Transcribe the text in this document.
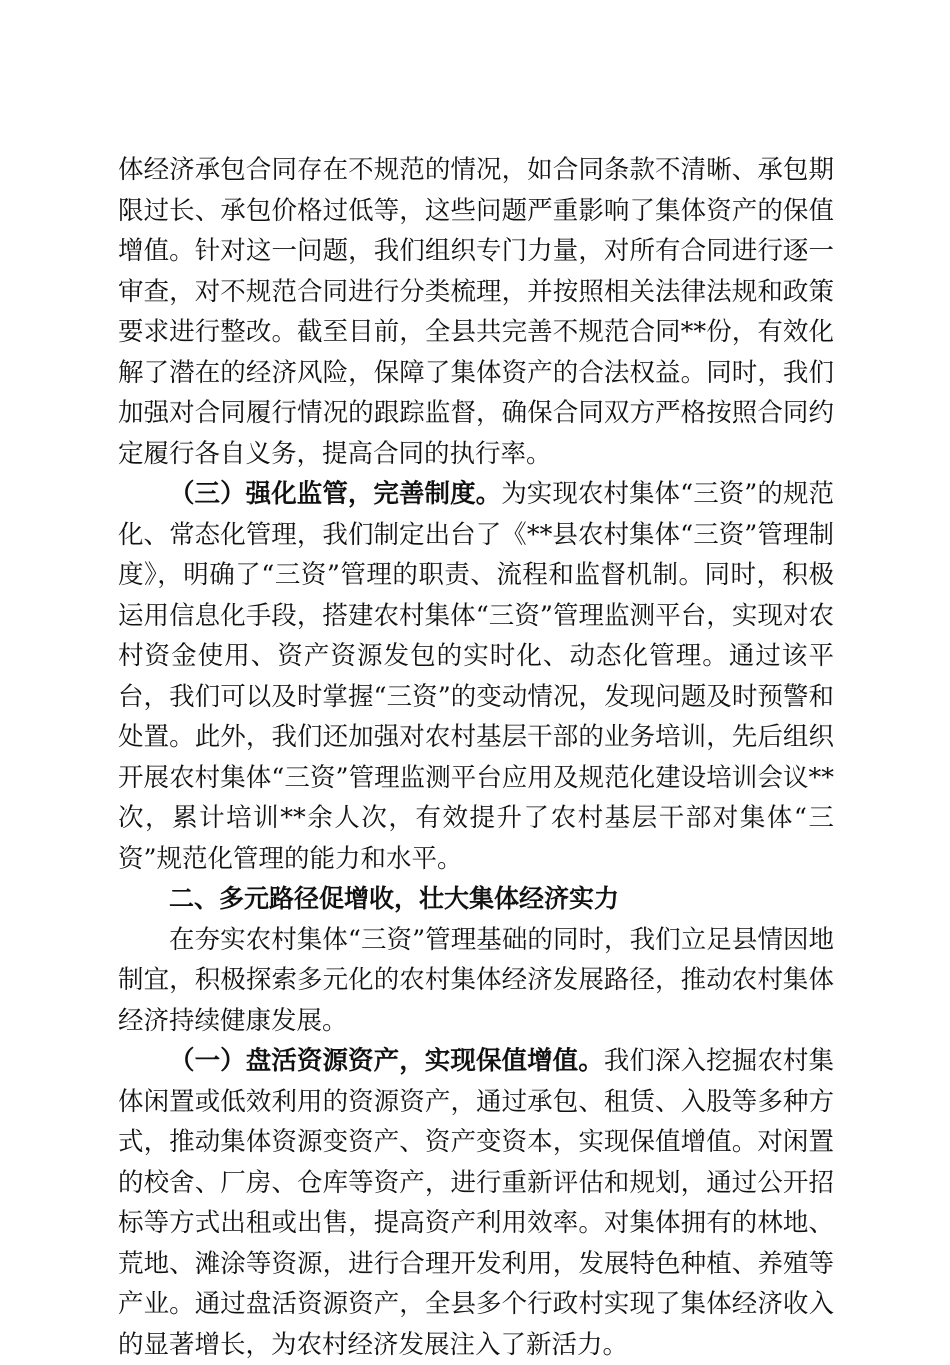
体经济承包合同存在不规范的情况，如合同条款不清晰、承包期限过长、承包价格过低等，这些问题严重影响了集体资产的保值增值。针对这一问题，我们组织专门力量，对所有合同进行逐一审查，对不规范合同进行分类梳理，并按照相关法律法规和政策要求进行整改。截至目前，全县共完善不规范合同**份，有效化解了潜在的经济风险，保障了集体资产的合法权益。同时，我们加强对合同履行情况的跟踪监督，确保合同双方严格按照合同约定履行各自义务，提高合同的执行率。

（三）强化监管，完善制度。为实现农村集体“三资”的规范化、常态化管理，我们制定出台了《**县农村集体“三资”管理制度》，明确了“三资”管理的职责、流程和监督机制。同时，积极运用信息化手段，搭建农村集体“三资”管理监测平台，实现对农村资金使用、资产资源发包的实时化、动态化管理。通过该平台，我们可以及时掌握“三资”的变动情况，发现问题及时预警和处置。此外，我们还加强对农村基层干部的业务培训，先后组织开展农村集体“三资”管理监测平台应用及规范化建设培训会议**次，累计培训**余人次，有效提升了农村基层干部对集体“三资”规范化管理的能力和水平。

二、多元路径促增收，壮大集体经济实力

在夯实农村集体“三资”管理基础的同时，我们立足县情因地制宜，积极探索多元化的农村集体经济发展路径，推动农村集体经济持续健康发展。

（一）盘活资源资产，实现保值增值。我们深入挖掘农村集体闲置或低效利用的资源资产，通过承包、租赁、入股等多种方式，推动集体资源变资产、资产变资本，实现保值增值。对闲置的校舍、厂房、仓库等资产，进行重新评估和规划，通过公开招标等方式出租或出售，提高资产利用效率。对集体拥有的林地、荒地、滩涂等资源，进行合理开发利用，发展特色种植、养殖等产业。通过盘活资源资产，全县多个行政村实现了集体经济收入的显著增长，为农村经济发展注入了新活力。
